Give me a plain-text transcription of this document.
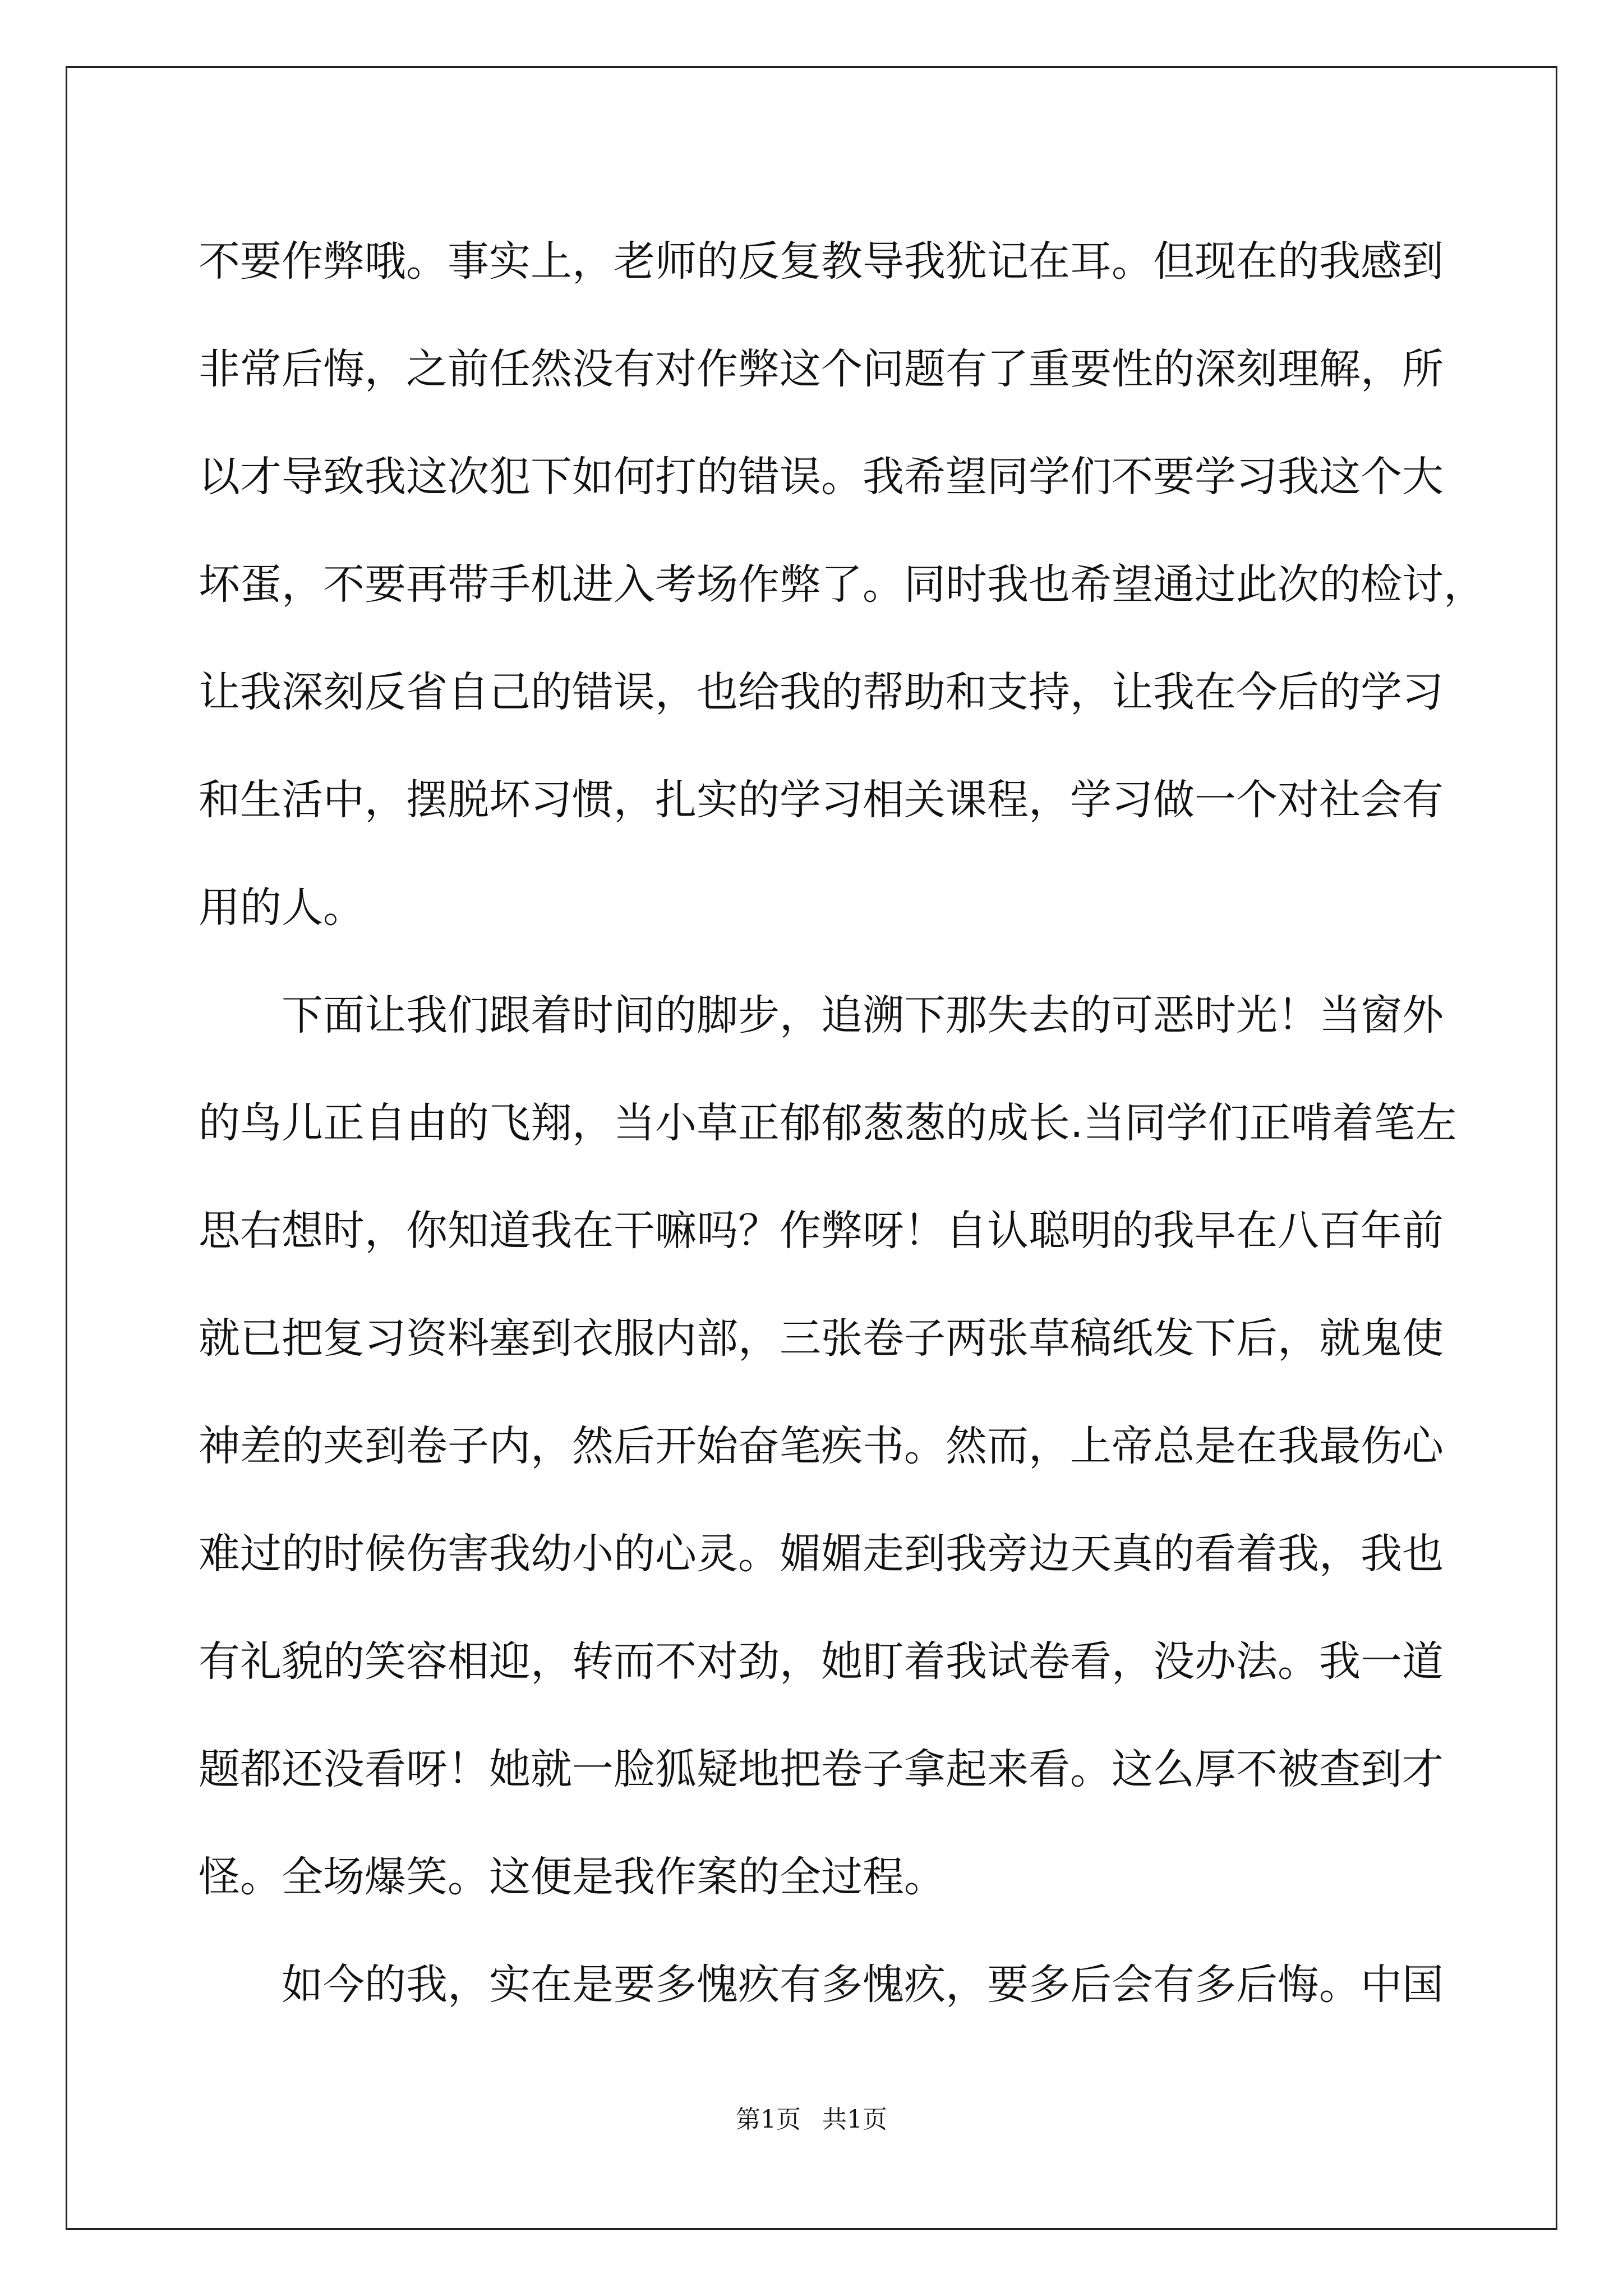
不要作弊哦。事实上，老师的反复教导我犹记在耳。但现在的我感到
非常后悔，之前任然没有对作弊这个问题有了重要性的深刻理解，所
以才导致我这次犯下如何打的错误。我希望同学们不要学习我这个大
坏蛋，不要再带手机进入考场作弊了。同时我也希望通过此次的检讨，
让我深刻反省自己的错误，也给我的帮助和支持，让我在今后的学习
和生活中，摆脱坏习惯，扎实的学习相关课程，学习做一个对社会有
用的人。
　　下面让我们跟着时间的脚步，追溯下那失去的可恶时光！当窗外
的鸟儿正自由的飞翔，当小草正郁郁葱葱的成长.当同学们正啃着笔左
思右想时，你知道我在干嘛吗？作弊呀！自认聪明的我早在八百年前
就已把复习资料塞到衣服内部，三张卷子两张草稿纸发下后，就鬼使
神差的夹到卷子内，然后开始奋笔疾书。然而，上帝总是在我最伤心
难过的时候伤害我幼小的心灵。媚媚走到我旁边天真的看着我，我也
有礼貌的笑容相迎，转而不对劲，她盯着我试卷看，没办法。我一道
题都还没看呀！她就一脸狐疑地把卷子拿起来看。这么厚不被查到才
怪。全场爆笑。这便是我作案的全过程。
　　如今的我，实在是要多愧疚有多愧疚，要多后会有多后悔。中国
第1页 共1页
